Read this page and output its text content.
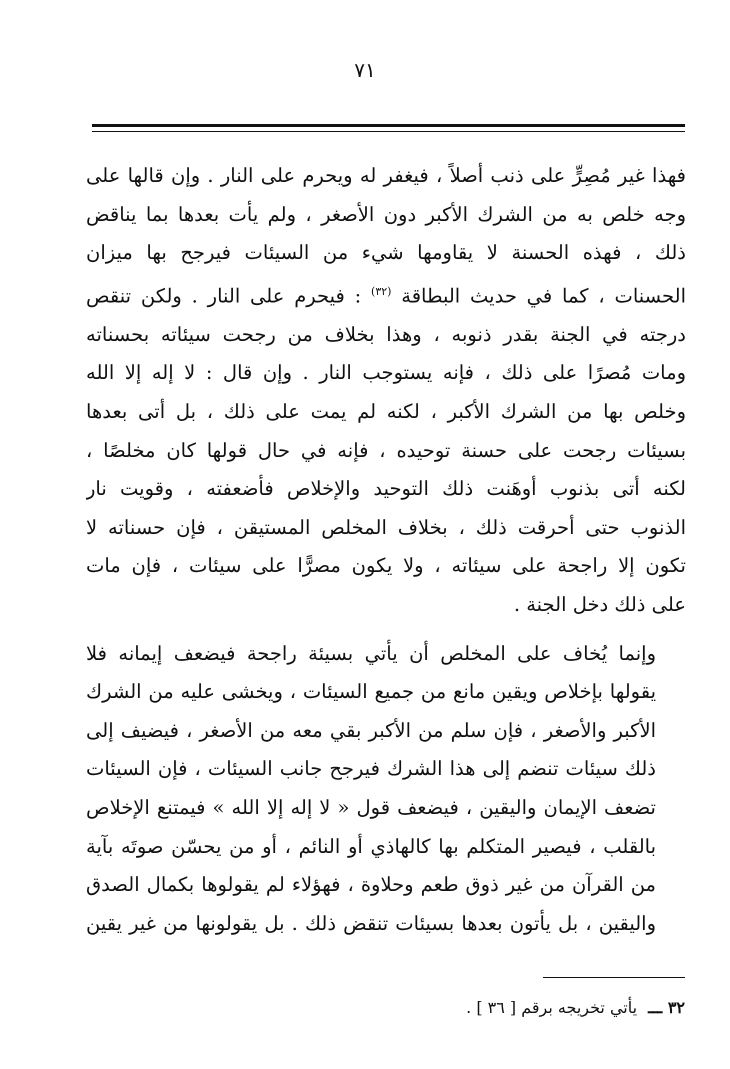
٧١

فهذا غير مُصِرٍّ على ذنب أصلاً ، فيغفر له ويحرم على النار . وإن قالها على
وجه خلص به من الشرك الأكبر دون الأصغر ، ولم يأت بعدها بما يناقض
ذلك ، فهذه الحسنة لا يقاومها شيء من السيئات فيرجح بها ميزان
الحسنات ، كما في حديث البطاقة $^{(٣٢)}$ : فيحرم على النار . ولكن تنقص
درجته في الجنة بقدر ذنوبه ، وهذا بخلاف من رجحت سيئاته بحسناته
ومات مُصرًا على ذلك ، فإنه يستوجب النار . وإن قال : لا إله إلا الله
وخلص بها من الشرك الأكبر ، لكنه لم يمت على ذلك ، بل أتى بعدها
بسيئات رجحت على حسنة توحيده ، فإنه في حال قولها كان مخلصًا ،
لكنه أتى بذنوب أوهَنت ذلك التوحيد والإخلاص فأضعفته ، وقويت نار
الذنوب حتى أحرقت ذلك ، بخلاف المخلص المستيقن ، فإن حسناته لا
تكون إلا راجحة على سيئاته ، ولا يكون مصرًّا على سيئات ، فإن مات
على ذلك دخل الجنة .

وإنما يُخاف على المخلص أن يأتي بسيئة راجحة فيضعف إيمانه فلا
يقولها بإخلاص ويقين مانع من جميع السيئات ، ويخشى عليه من الشرك
الأكبر والأصغر ، فإن سلم من الأكبر بقي معه من الأصغر ، فيضيف إلى
ذلك سيئات تنضم إلى هذا الشرك فيرجح جانب السيئات ، فإن السيئات
تضعف الإيمان واليقين ، فيضعف قول « لا إله إلا الله » فيمتنع الإخلاص
بالقلب ، فيصير المتكلم بها كالهاذي أو النائم ، أو من يحسّن صوتَه بآية
من القرآن من غير ذوق طعم وحلاوة ، فهؤلاء لم يقولوها بكمال الصدق
واليقين ، بل يأتون بعدها بسيئات تنقض ذلك . بل يقولونها من غير يقين

٣٢ ـــ يأتي تخريجه برقم [ ٣٦ ] .
